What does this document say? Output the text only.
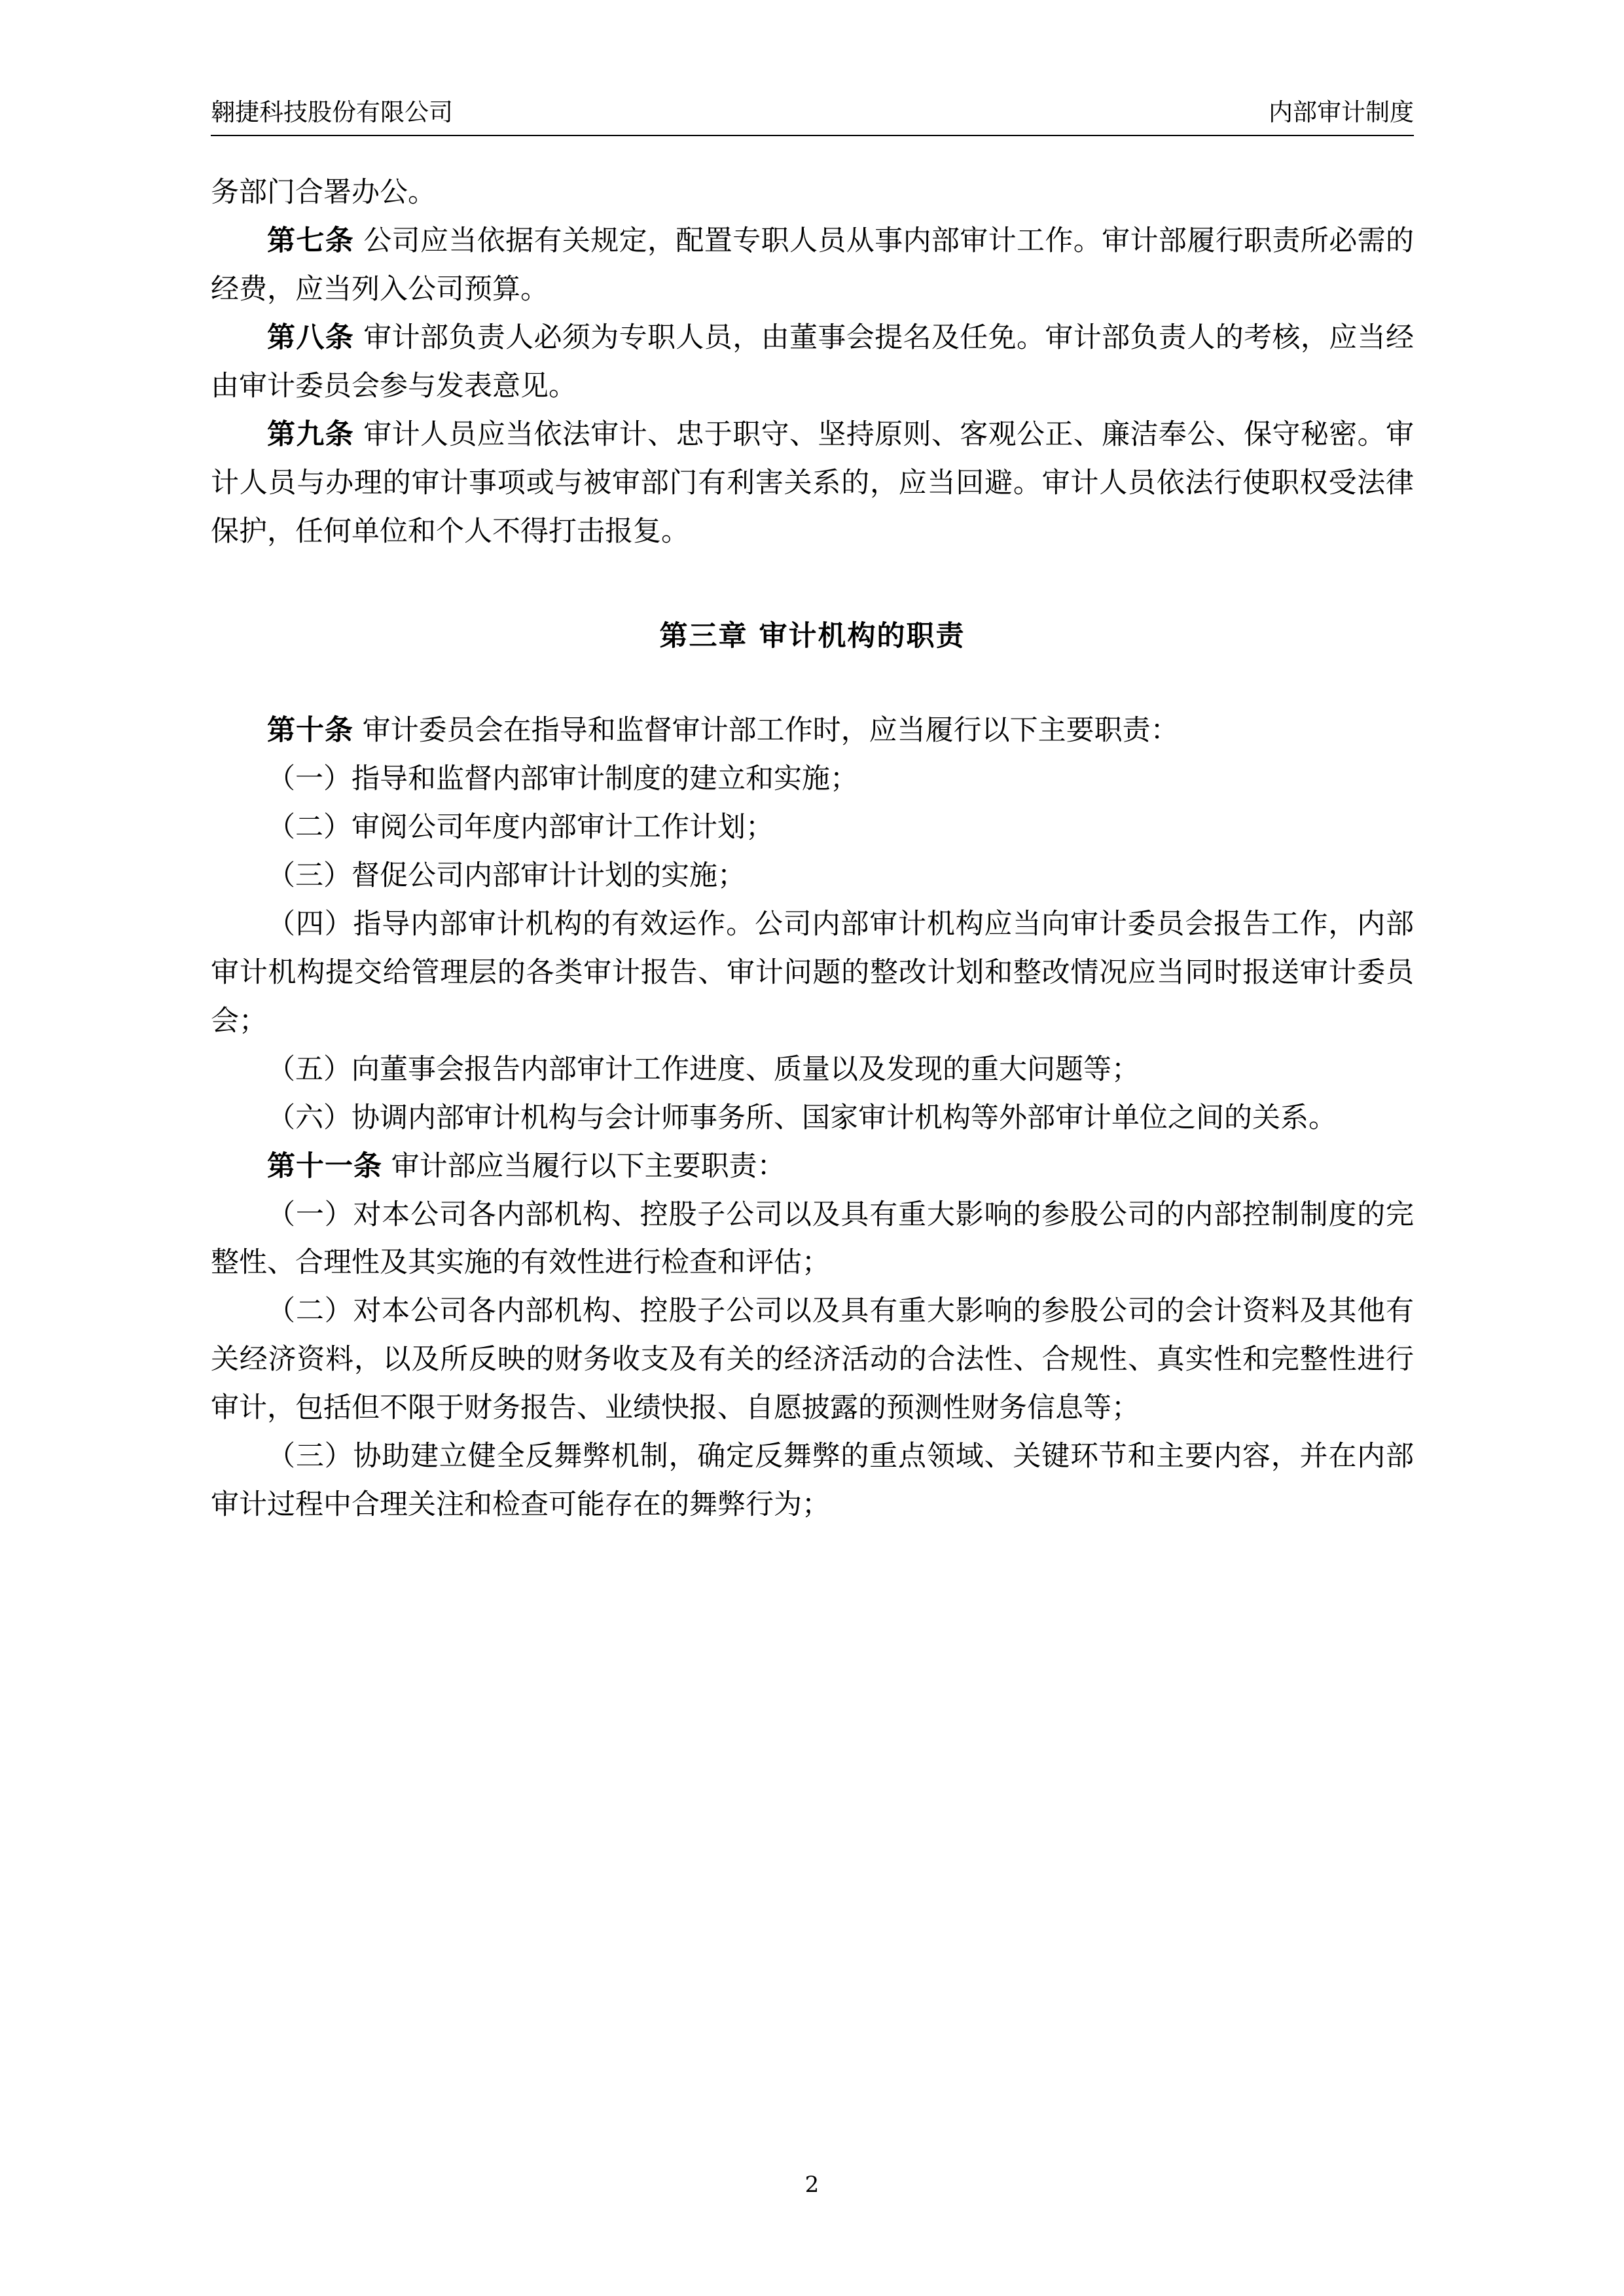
翱捷科技股份有限公司	内部审计制度

务部门合署办公。

第七条 公司应当依据有关规定，配置专职人员从事内部审计工作。审计部履行职责所必需的经费，应当列入公司预算。

第八条 审计部负责人必须为专职人员，由董事会提名及任免。审计部负责人的考核，应当经由审计委员会参与发表意见。

第九条 审计人员应当依法审计、忠于职守、坚持原则、客观公正、廉洁奉公、保守秘密。审计人员与办理的审计事项或与被审部门有利害关系的，应当回避。审计人员依法行使职权受法律保护，任何单位和个人不得打击报复。

第三章 审计机构的职责

第十条 审计委员会在指导和监督审计部工作时，应当履行以下主要职责：

（一）指导和监督内部审计制度的建立和实施；

（二）审阅公司年度内部审计工作计划；

（三）督促公司内部审计计划的实施；

（四）指导内部审计机构的有效运作。公司内部审计机构应当向审计委员会报告工作，内部审计机构提交给管理层的各类审计报告、审计问题的整改计划和整改情况应当同时报送审计委员会；

（五）向董事会报告内部审计工作进度、质量以及发现的重大问题等；

（六）协调内部审计机构与会计师事务所、国家审计机构等外部审计单位之间的关系。

第十一条 审计部应当履行以下主要职责：

（一）对本公司各内部机构、控股子公司以及具有重大影响的参股公司的内部控制制度的完整性、合理性及其实施的有效性进行检查和评估；

（二）对本公司各内部机构、控股子公司以及具有重大影响的参股公司的会计资料及其他有关经济资料，以及所反映的财务收支及有关的经济活动的合法性、合规性、真实性和完整性进行审计，包括但不限于财务报告、业绩快报、自愿披露的预测性财务信息等；

（三）协助建立健全反舞弊机制，确定反舞弊的重点领域、关键环节和主要内容，并在内部审计过程中合理关注和检查可能存在的舞弊行为；

2
